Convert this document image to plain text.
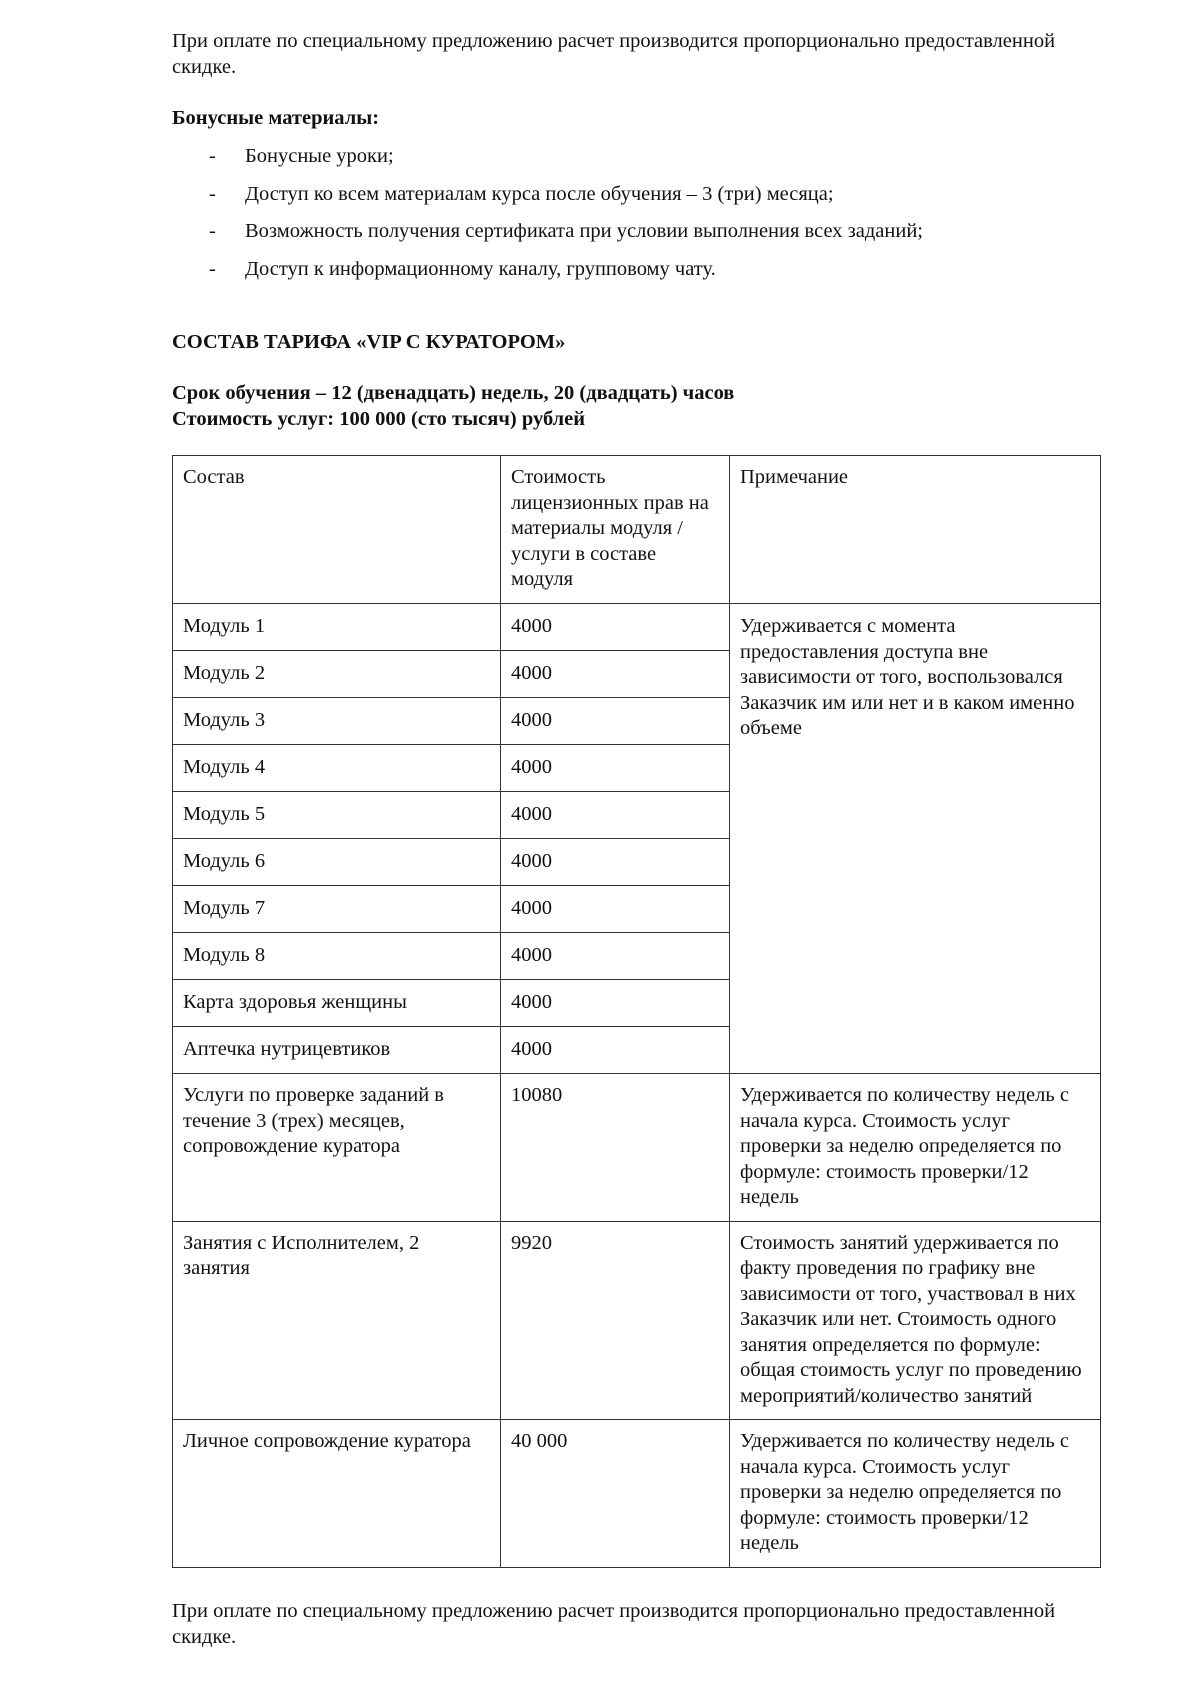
При оплате по специальному предложению расчет производится пропорционально предоставленной скидке.

Бонусные материалы:

- Бонусные уроки;
- Доступ ко всем материалам курса после обучения – 3 (три) месяца;
- Возможность получения сертификата при условии выполнения всех заданий;
- Доступ к информационному каналу, групповому чату.

СОСТАВ ТАРИФА «VIP С КУРАТОРОМ»

Срок обучения – 12 (двенадцать) недель, 20 (двадцать) часов

Стоимость услуг: 100 000 (сто тысяч) рублей

Состав	Стоимость лицензионных прав на материалы модуля / услуги в составе модуля	Примечание
Модуль 1	4000	Удерживается с момента предоставления доступа вне зависимости от того, воспользовался Заказчик им или нет и в каком именно объеме
Модуль 2	4000	
Модуль 3	4000	
Модуль 4	4000	
Модуль 5	4000	
Модуль 6	4000	
Модуль 7	4000	
Модуль 8	4000	
Карта здоровья женщины	4000	
Аптечка нутрицевтиков	4000	
Услуги по проверке заданий в течение 3 (трех) месяцев, сопровождение куратора	10080	Удерживается по количеству недель с начала курса. Стоимость услуг проверки за неделю определяется по формуле: стоимость проверки/12 недель
Занятия с Исполнителем, 2 занятия	9920	Стоимость занятий удерживается по факту проведения по графику вне зависимости от того, участвовал в них Заказчик или нет. Стоимость одного занятия определяется по формуле: общая стоимость услуг по проведению мероприятий/количество занятий
Личное сопровождение куратора	40 000	Удерживается по количеству недель с начала курса. Стоимость услуг проверки за неделю определяется по формуле: стоимость проверки/12 недель

При оплате по специальному предложению расчет производится пропорционально предоставленной скидке.
